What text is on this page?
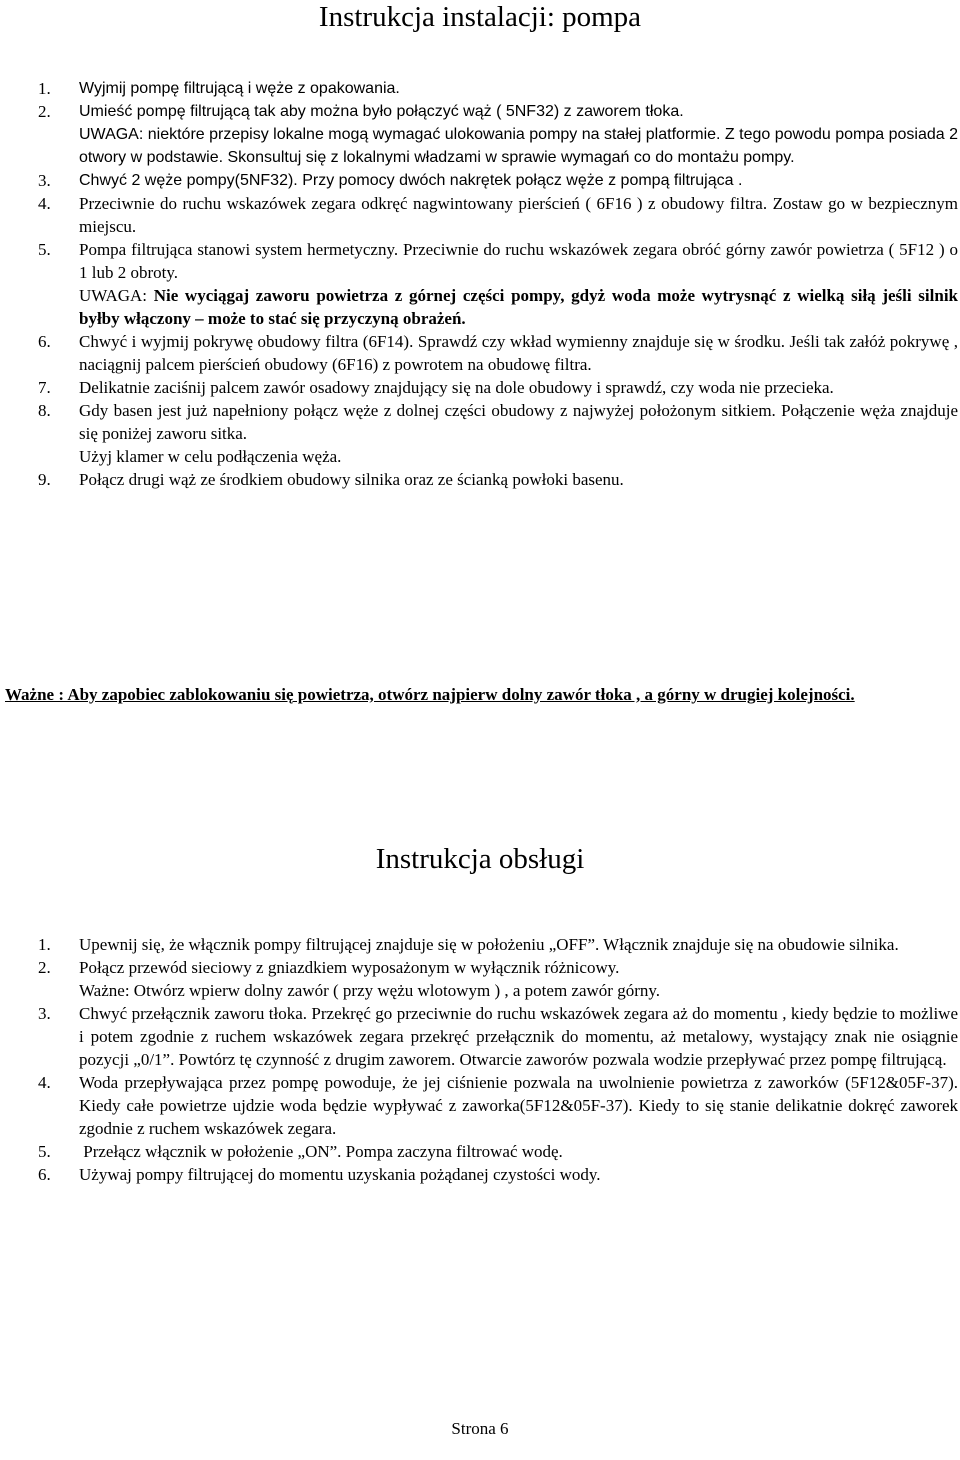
Instrukcja instalacji: pompa
1.	Wyjmij pompę filtrującą i węże z opakowania.
2.	Umieść pompę filtrującą tak aby można było połączyć wąż ( 5NF32) z zaworem tłoka.
UWAGA: niektóre przepisy lokalne mogą wymagać ulokowania pompy na stałej platformie. Z tego powodu pompa posiada 2 otwory w podstawie. Skonsultuj się z lokalnymi władzami w sprawie wymagań co do montażu pompy.
3.	Chwyć 2 węże pompy(5NF32). Przy pomocy dwóch nakrętek połącz węże z pompą filtrująca .
4.	Przeciwnie do ruchu wskazówek zegara odkręć nagwintowany pierścień ( 6F16 ) z obudowy filtra. Zostaw go w bezpiecznym miejscu.
5.	Pompa filtrująca stanowi system hermetyczny. Przeciwnie do ruchu wskazówek zegara obróć górny zawór powietrza ( 5F12 ) o 1 lub 2 obroty.
UWAGA: Nie wyciągaj zaworu powietrza z górnej części pompy, gdyż woda może wytrysnąć z wielką siłą jeśli silnik byłby włączony – może to stać się przyczyną obrażeń.
6.	Chwyć i wyjmij pokrywę obudowy filtra (6F14). Sprawdź czy wkład wymienny znajduje się w środku. Jeśli tak załóż pokrywę , naciągnij palcem pierścień obudowy (6F16) z powrotem na obudowę filtra.
7.	Delikatnie zaciśnij palcem zawór osadowy znajdujący się na dole obudowy i sprawdź, czy woda nie przecieka.
8.	Gdy basen jest już napełniony połącz węże z dolnej części obudowy z najwyżej położonym sitkiem. Połączenie węża znajduje się poniżej zaworu sitka.
Użyj klamer w celu podłączenia węża.
9.	Połącz drugi wąż ze środkiem obudowy silnika oraz ze ścianką powłoki basenu.
Ważne : Aby zapobiec zablokowaniu się powietrza, otwórz najpierw dolny zawór tłoka , a górny w drugiej kolejności.
Instrukcja obsługi
1.	Upewnij się, że włącznik pompy filtrującej znajduje się w położeniu „OFF”. Włącznik znajduje się na obudowie silnika.
2.	Połącz przewód sieciowy z gniazdkiem wyposażonym w wyłącznik różnicowy.
Ważne: Otwórz wpierw dolny zawór ( przy wężu wlotowym ) , a potem zawór górny.
3.	Chwyć przełącznik zaworu tłoka. Przekręć go przeciwnie do ruchu wskazówek zegara aż do momentu , kiedy będzie to możliwe i potem zgodnie z ruchem wskazówek zegara przekręć przełącznik do momentu, aż metalowy, wystający znak nie osiągnie pozycji „0/1”. Powtórz tę czynność z drugim zaworem. Otwarcie zaworów pozwala wodzie przepływać przez pompę filtrującą.
4.	Woda przepływająca przez pompę powoduje, że jej ciśnienie pozwala na uwolnienie powietrza z zaworków (5F12&05F-37). Kiedy całe powietrze ujdzie woda będzie wypływać z zaworka(5F12&05F-37). Kiedy to się stanie delikatnie dokręć zaworek zgodnie z ruchem wskazówek zegara.
5.	Przełącz włącznik w położenie „ON”. Pompa zaczyna filtrować wodę.
6.	Używaj pompy filtrującej do momentu uzyskania pożądanej czystości wody.
Strona 6
